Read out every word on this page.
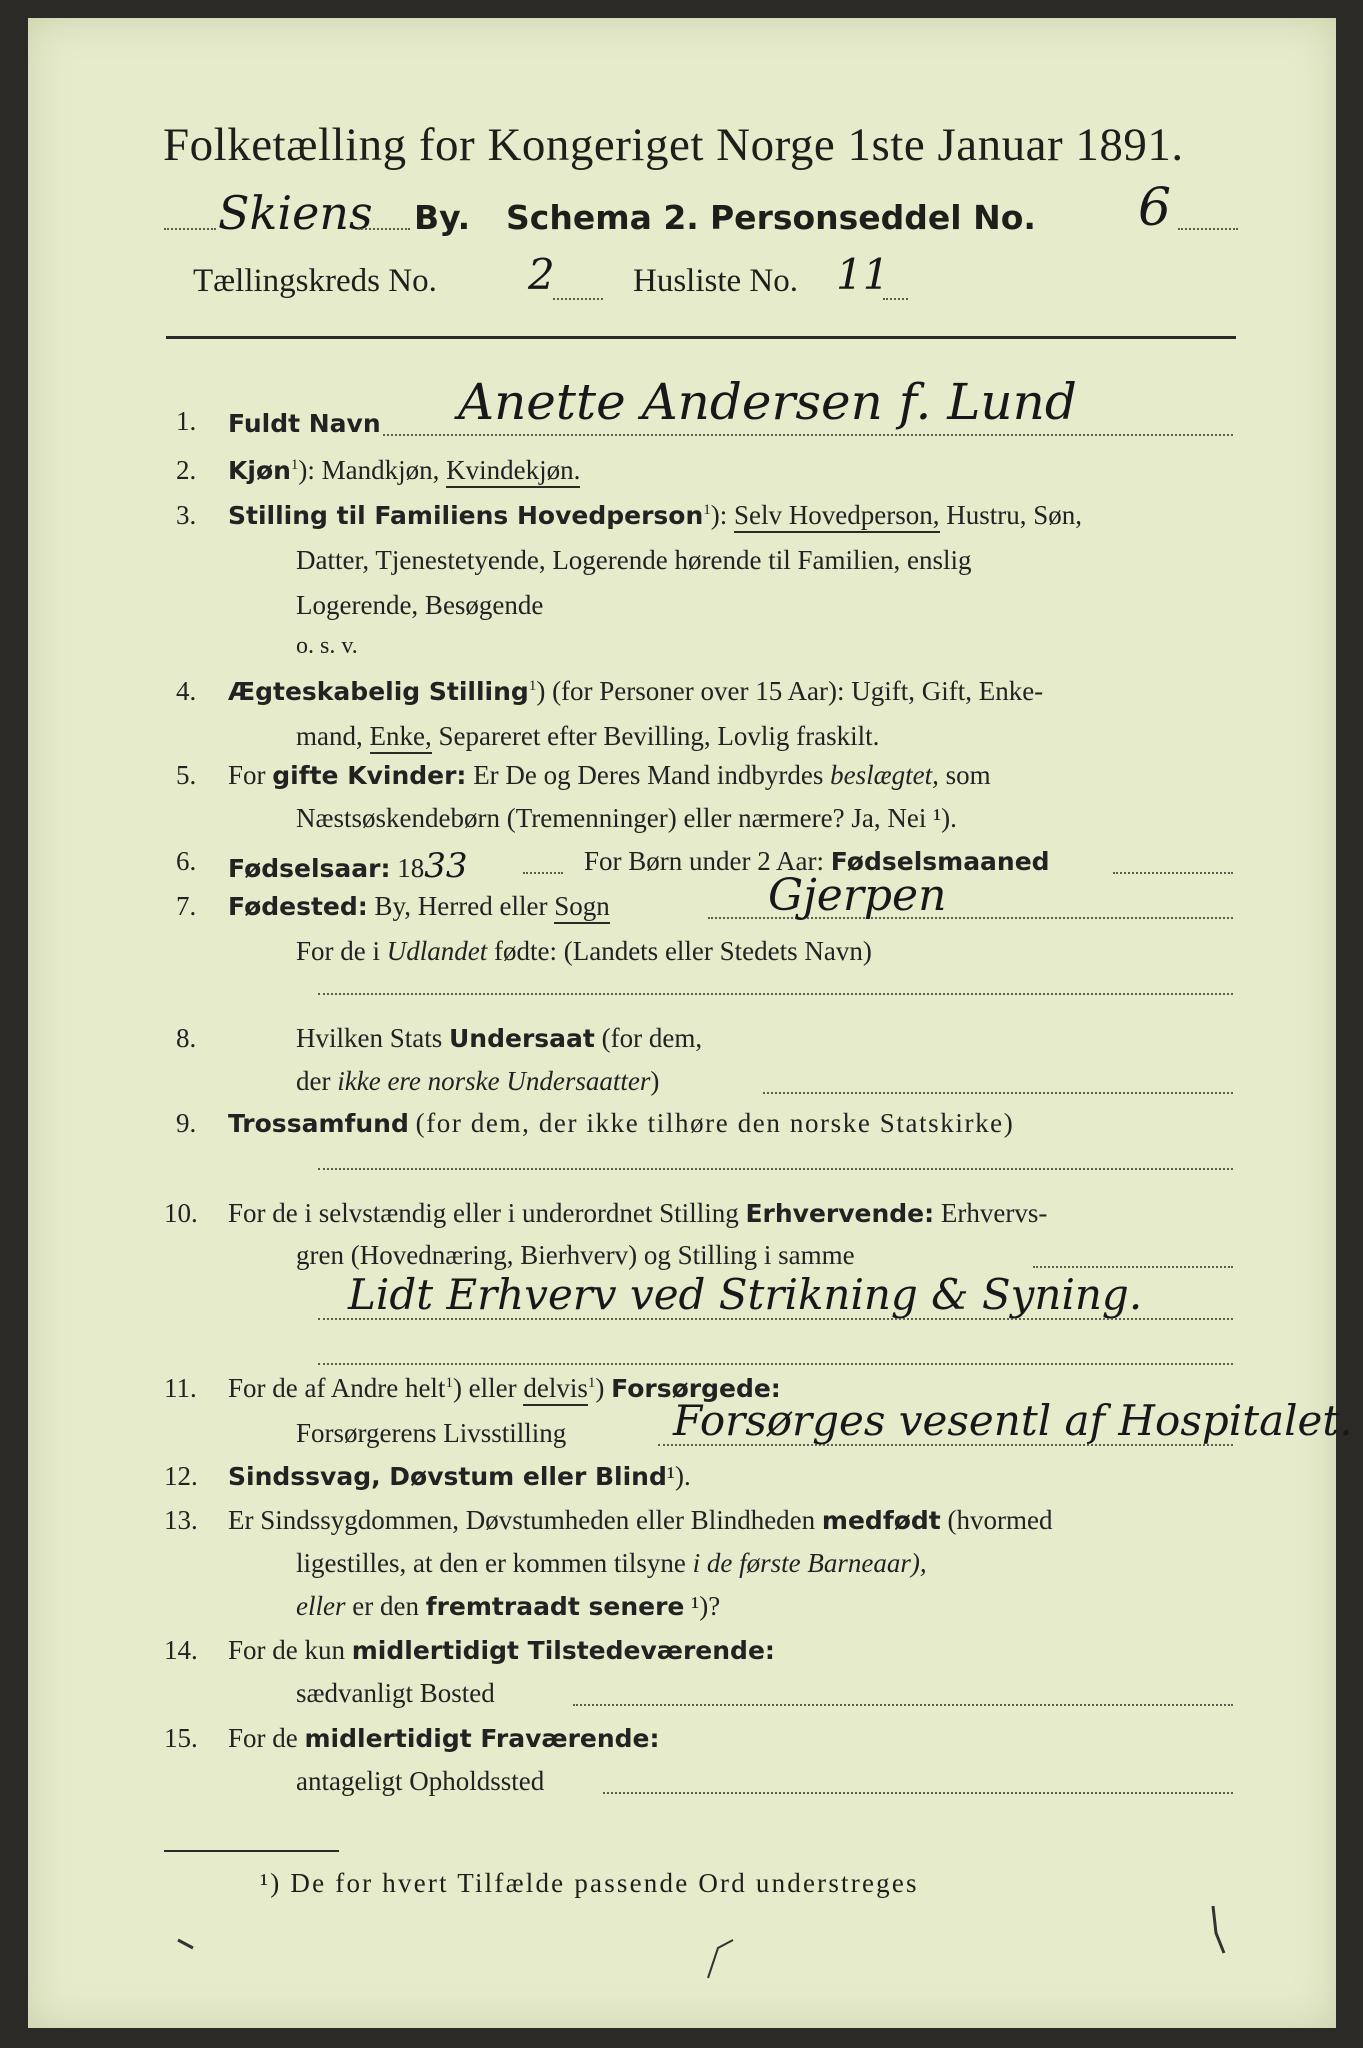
Folketælling for Kongeriget Norge 1ste Januar 1891.
Skiens By. Schema 2. Personseddel No. 6
Tællingskreds No. 2 Husliste No. 11
1. Fuldt Navn Anette Andersen f. Lund
2. Kjøn$^1$): Mandkjøn, Kvindekjøn.
3. Stilling til Familiens Hovedperson$^1$): Selv Hovedperson, Hustru, Søn,
Datter, Tjenestetyende, Logerende hørende til Familien, enslig
Logerende, Besøgende
o. s. v.
4. Ægteskabelig Stilling$^1$) (for Personer over 15 Aar): Ugift, Gift, Enke-
mand, Enke, Separeret efter Bevilling, Lovlig fraskilt.
5. For gifte Kvinder: Er De og Deres Mand indbyrdes beslægtet, som
Næstsøskendebørn (Tremenninger) eller nærmere? Ja, Nei ¹).
6. Fødselsaar: 1833	For Børn under 2 Aar: Fødselsmaaned
7. Fødested: By, Herred eller Sogn	Gjerpen
For de i Udlandet fødte: (Landets eller Stedets Navn)
8.	Hvilken Stats Undersaat (for dem,
der ikke ere norske Undersaatter)
9. Trossamfund (for dem, der ikke tilhøre den norske Statskirke)
10. For de i selvstændig eller i underordnet Stilling Erhvervende: Erhvervs-
gren (Hovednæring, Bierhverv) og Stilling i samme
Lidt Erhverv ved Strikning & Syning.
11. For de af Andre helt$^1$) eller delvis$^1$) Forsørgede:
Forsørgerens Livsstilling	Forsørges vesentl af Hospitalet.
12. Sindssvag, Døvstum eller Blind¹).
13. Er Sindssygdommen, Døvstumheden eller Blindheden medfødt (hvormed
ligestilles, at den er kommen tilsyne i de første Barneaar),
eller er den fremtraadt senere ¹)?
14. For de kun midlertidigt Tilstedeværende:
sædvanligt Bosted
15. For de midlertidigt Fraværende:
antageligt Opholdssted
¹) De for hvert Tilfælde passende Ord understreges
